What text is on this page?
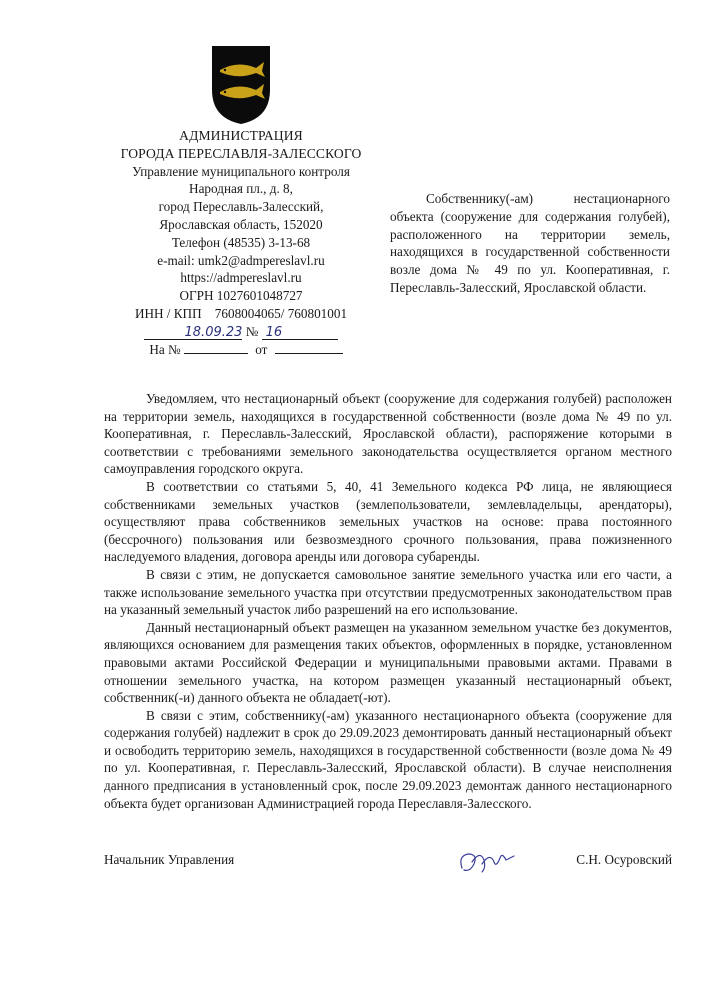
АДМИНИСТРАЦИЯ
ГОРОДА ПЕРЕСЛАВЛЯ-ЗАЛЕССКОГО
Управление муниципального контроля
Народная пл., д. 8,
город Переславль-Залесский,
Ярославская область, 152020
Телефон (48535) 3-13-68
e-mail: umk2@admpereslavl.ru
https://admpereslavl.ru
ОГРН 1027601048727
ИНН / КПП    7608004065/ 760801001
18.09.23 № 16
На №	от
Собственнику(-ам) нестационарного объекта (сооружение для содержания голубей), расположенного на территории земель, находящихся в государственной собственности возле дома № 49 по ул. Кооперативная, г. Переславль-Залесский, Ярославской области.

Уведомляем, что нестационарный объект (сооружение для содержания голубей) расположен на территории земель, находящихся в государственной собственности (возле дома № 49 по ул. Кооперативная, г. Переславль-Залесский, Ярославской области), распоряжение которыми в соответствии с требованиями земельного законодательства осуществляется органом местного самоуправления городского округа.

В соответствии со статьями 5, 40, 41 Земельного кодекса РФ лица, не являющиеся собственниками земельных участков (землепользователи, землевладельцы, арендаторы), осуществляют права собственников земельных участков на основе: права постоянного (бессрочного) пользования или безвозмездного срочного пользования, права пожизненного наследуемого владения, договора аренды или договора субаренды.

В связи с этим, не допускается самовольное занятие земельного участка или его части, а также использование земельного участка при отсутствии предусмотренных законодательством прав на указанный земельный участок либо разрешений на его использование.

Данный нестационарный объект размещен на указанном земельном участке без документов, являющихся основанием для размещения таких объектов, оформленных в порядке, установленном правовыми актами Российской Федерации и муниципальными правовыми актами. Правами в отношении земельного участка, на котором размещен указанный нестационарный объект, собственник(-и) данного объекта не обладает(-ют).

В связи с этим, собственнику(-ам) указанного нестационарного объекта (сооружение для содержания голубей) надлежит в срок до 29.09.2023 демонтировать данный нестационарный объект и освободить территорию земель, находящихся в государственной собственности (возле дома № 49 по ул. Кооперативная, г. Переславль-Залесский, Ярославской области). В случае неисполнения данного предписания в установленный срок, после 29.09.2023 демонтаж данного нестационарного объекта будет организован Администрацией города Переславля-Залесского.

Начальник Управления	С.Н. Осуровский
